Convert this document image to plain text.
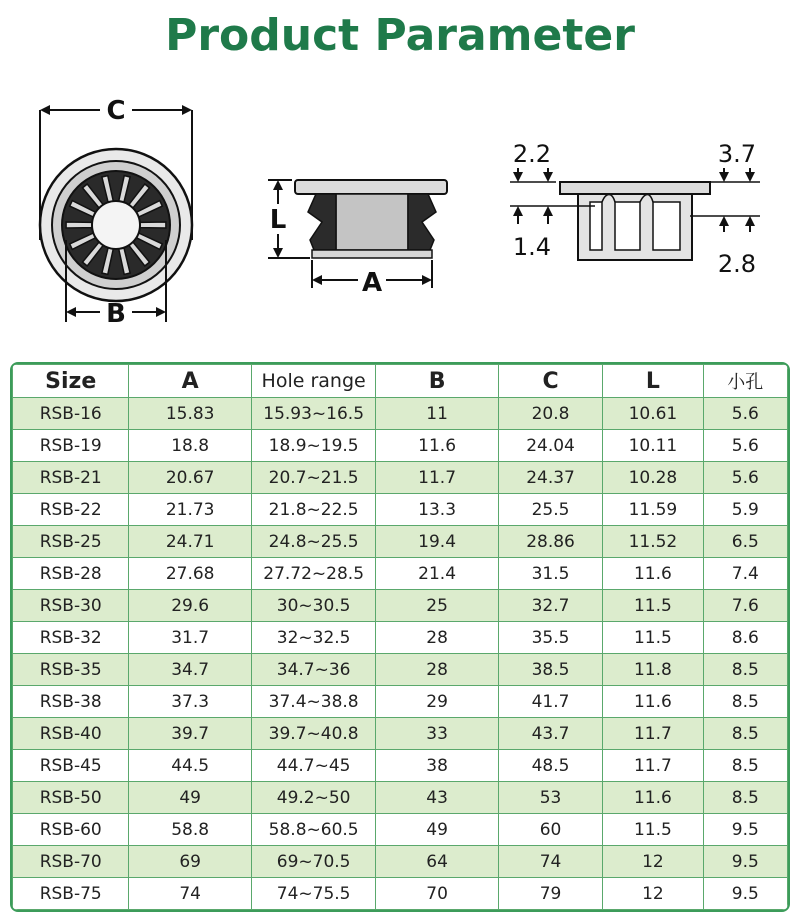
Product Parameter
C
B
L
A
2.2
1.4
3.7
2.8
Size	A	Hole range	B	C	L	小孔
RSB-16	15.83	15.93~16.5	11	20.8	10.61	5.6
RSB-19	18.8	18.9~19.5	11.6	24.04	10.11	5.6
RSB-21	20.67	20.7~21.5	11.7	24.37	10.28	5.6
RSB-22	21.73	21.8~22.5	13.3	25.5	11.59	5.9
RSB-25	24.71	24.8~25.5	19.4	28.86	11.52	6.5
RSB-28	27.68	27.72~28.5	21.4	31.5	11.6	7.4
RSB-30	29.6	30~30.5	25	32.7	11.5	7.6
RSB-32	31.7	32~32.5	28	35.5	11.5	8.6
RSB-35	34.7	34.7~36	28	38.5	11.8	8.5
RSB-38	37.3	37.4~38.8	29	41.7	11.6	8.5
RSB-40	39.7	39.7~40.8	33	43.7	11.7	8.5
RSB-45	44.5	44.7~45	38	48.5	11.7	8.5
RSB-50	49	49.2~50	43	53	11.6	8.5
RSB-60	58.8	58.8~60.5	49	60	11.5	9.5
RSB-70	69	69~70.5	64	74	12	9.5
RSB-75	74	74~75.5	70	79	12	9.5
